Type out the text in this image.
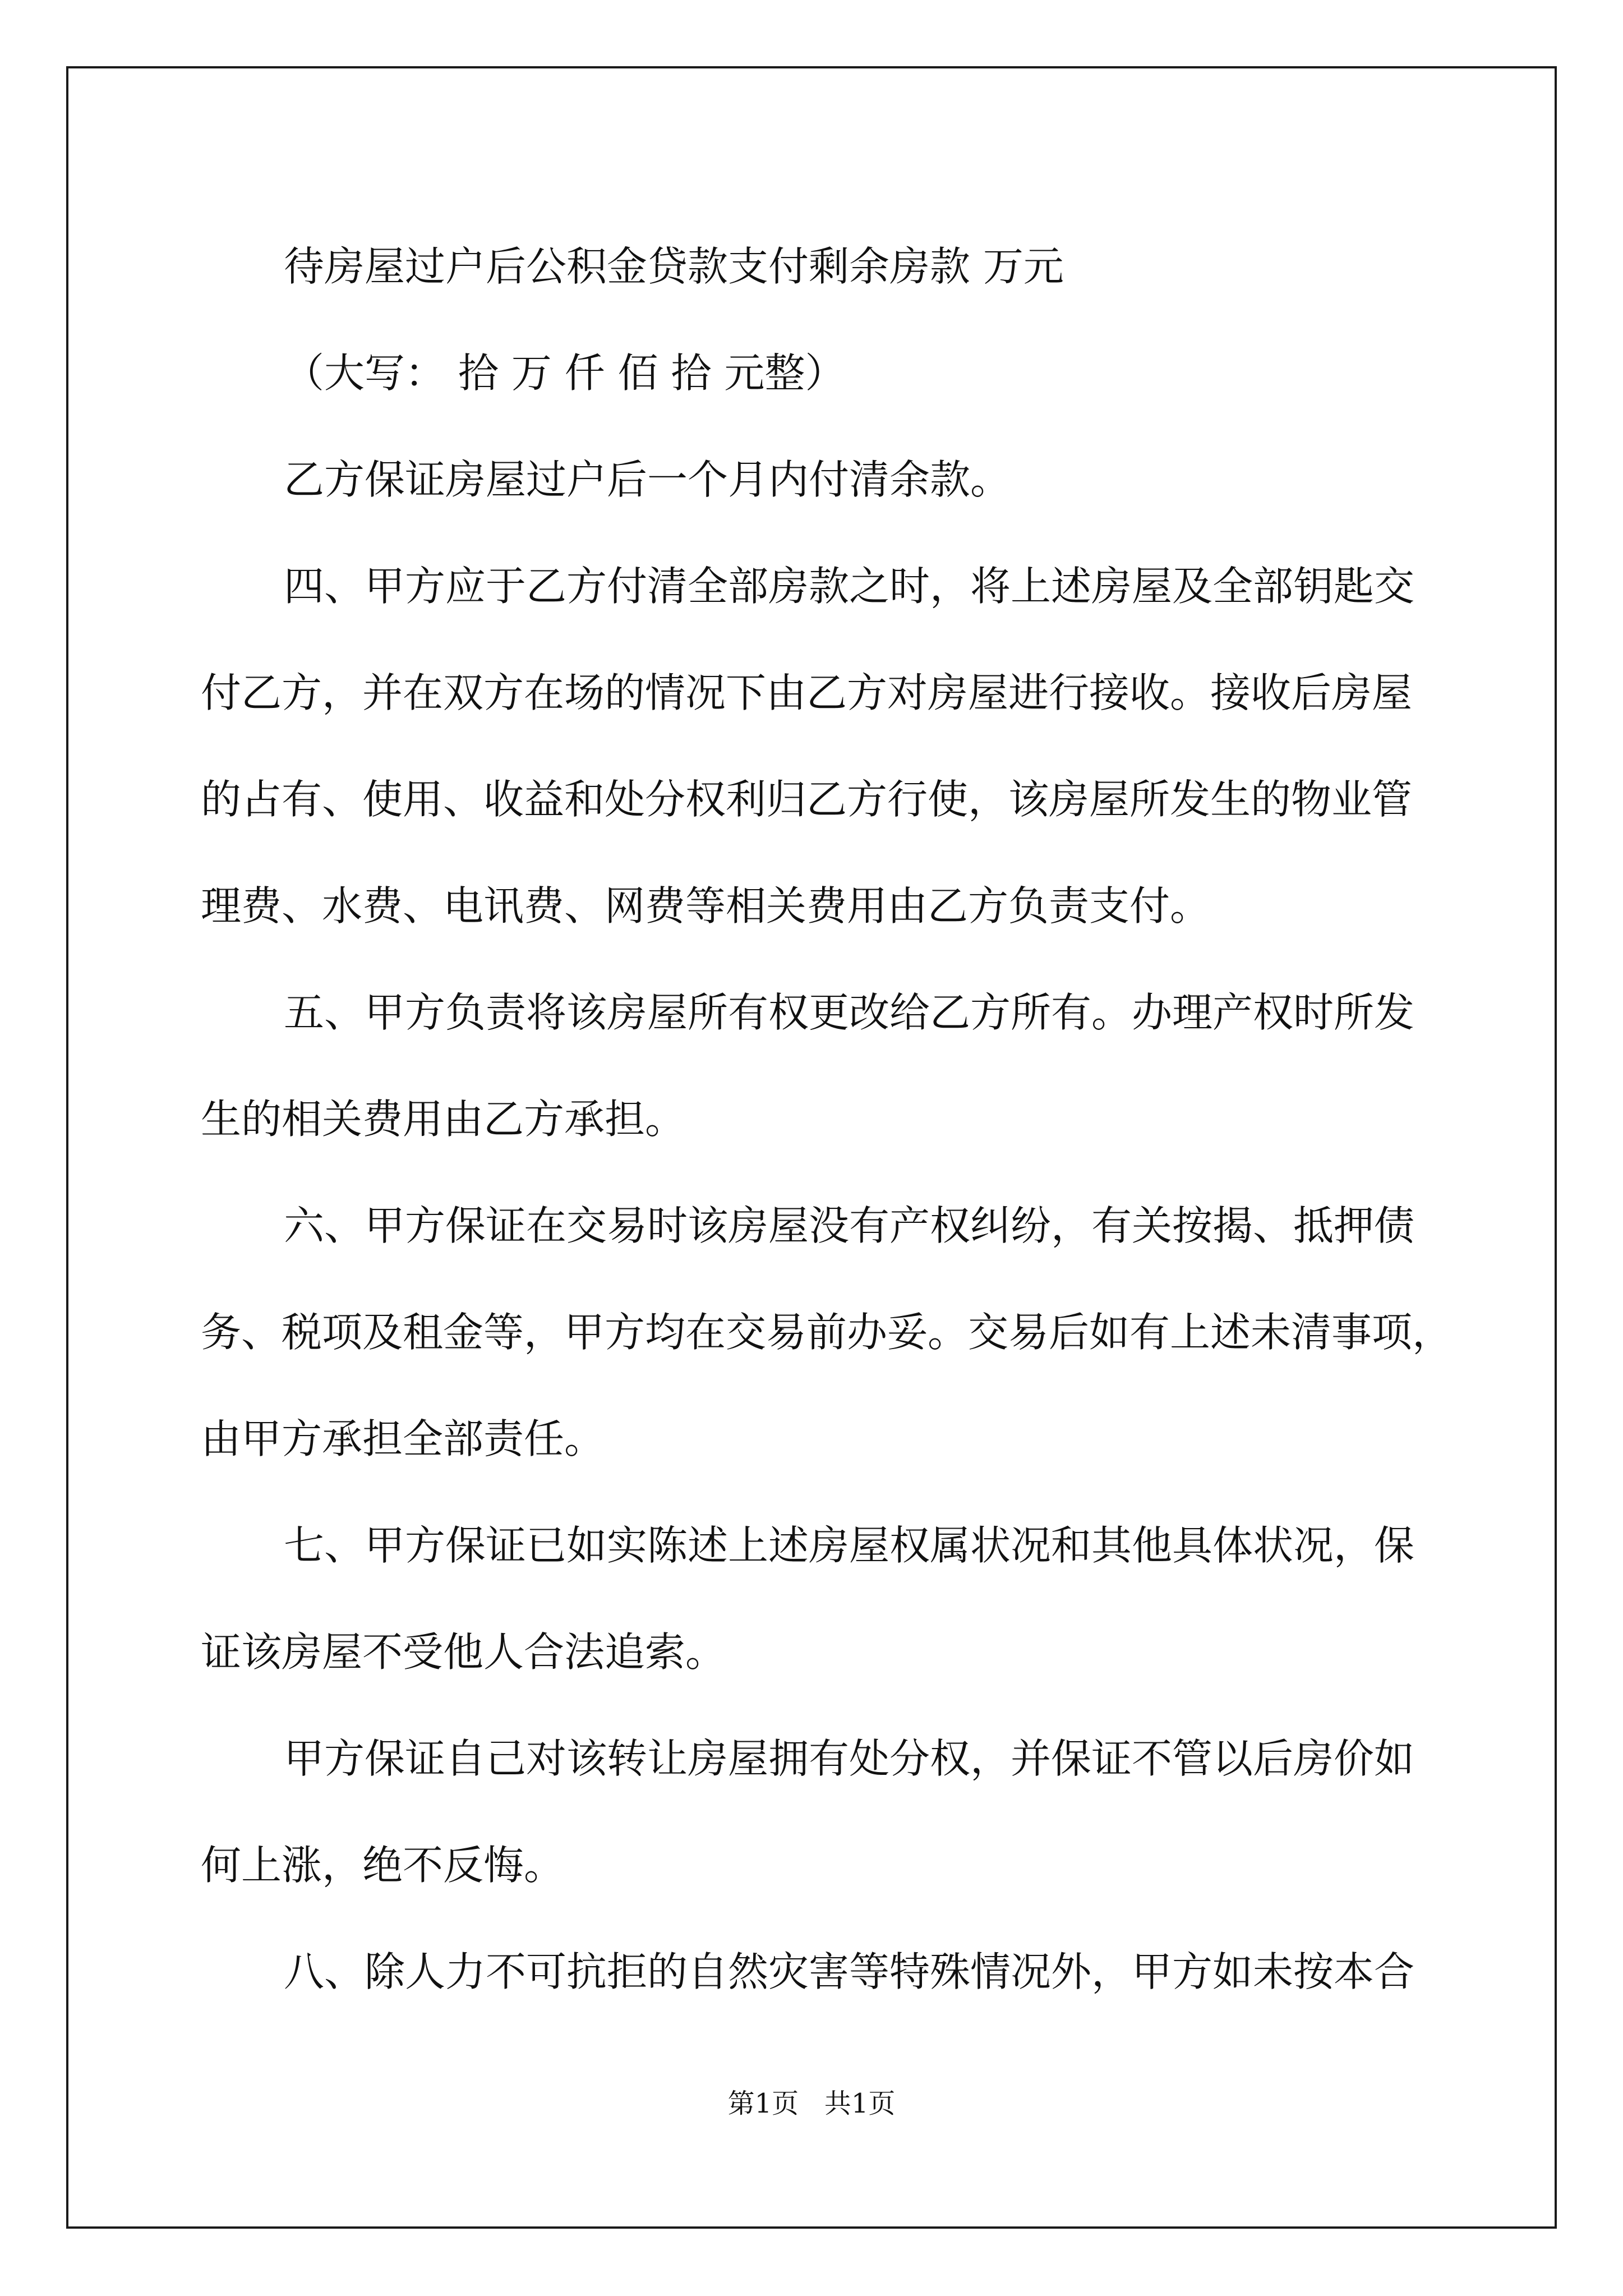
待房屋过户后公积金贷款支付剩余房款 万元
（大写： 拾 万 仟 佰 拾 元整）
乙方保证房屋过户后一个月内付清余款。
四、甲方应于乙方付清全部房款之时，将上述房屋及全部钥匙交
付乙方，并在双方在场的情况下由乙方对房屋进行接收。接收后房屋
的占有、使用、收益和处分权利归乙方行使，该房屋所发生的物业管
理费、水费、电讯费、网费等相关费用由乙方负责支付。
五、甲方负责将该房屋所有权更改给乙方所有。办理产权时所发
生的相关费用由乙方承担。
六、甲方保证在交易时该房屋没有产权纠纷，有关按揭、抵押债
务、税项及租金等，甲方均在交易前办妥。交易后如有上述未清事项，
由甲方承担全部责任。
七、甲方保证已如实陈述上述房屋权属状况和其他具体状况，保
证该房屋不受他人合法追索。
甲方保证自己对该转让房屋拥有处分权，并保证不管以后房价如
何上涨，绝不反悔。
八、除人力不可抗拒的自然灾害等特殊情况外，甲方如未按本合
第1页   共1页
